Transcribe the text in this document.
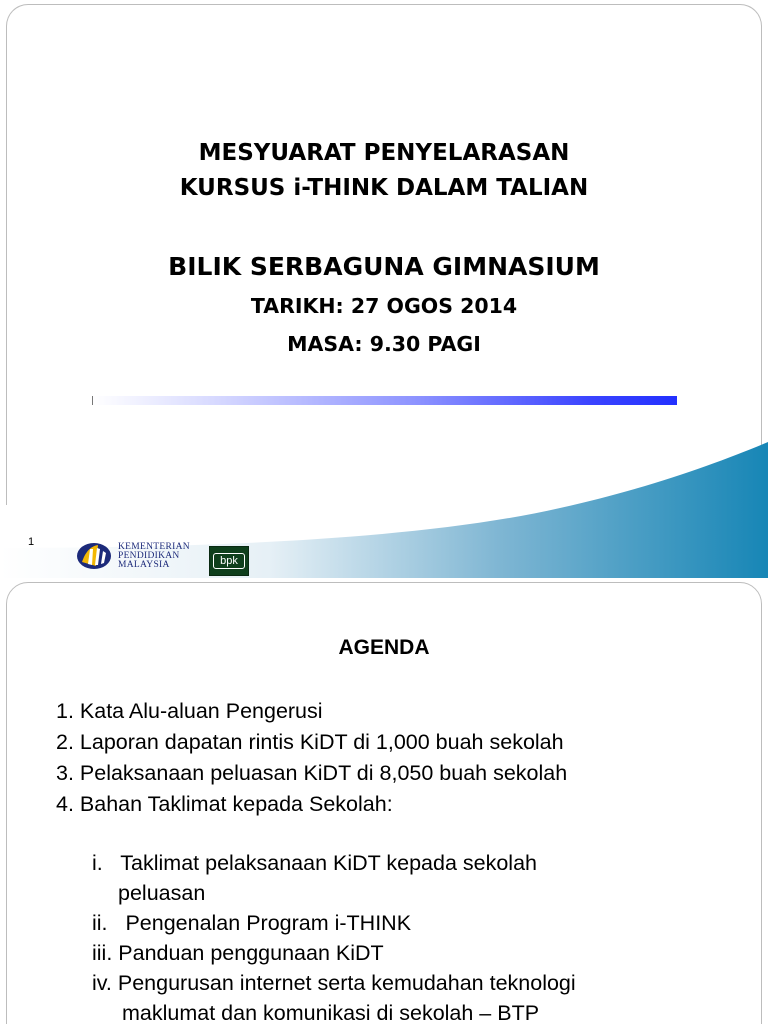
MESYUARAT PENYELARASAN
KURSUS i-THINK DALAM TALIAN
BILIK SERBAGUNA GIMNASIUM
TARIKH: 27 OGOS 2014
MASA: 9.30 PAGI
1	KEMENTERIAN
PENDIDIKAN
MALAYSIA	bpk
AGENDA
1. Kata Alu-aluan Pengerusi
2. Laporan dapatan rintis KiDT di 1,000 buah sekolah
3. Pelaksanaan peluasan KiDT di 8,050 buah sekolah
4. Bahan Taklimat kepada Sekolah:
i.   Taklimat pelaksanaan KiDT kepada sekolah
peluasan
ii.   Pengenalan Program i-THINK
iii. Panduan penggunaan KiDT
iv. Pengurusan internet serta kemudahan teknologi
maklumat dan komunikasi di sekolah – BTP
